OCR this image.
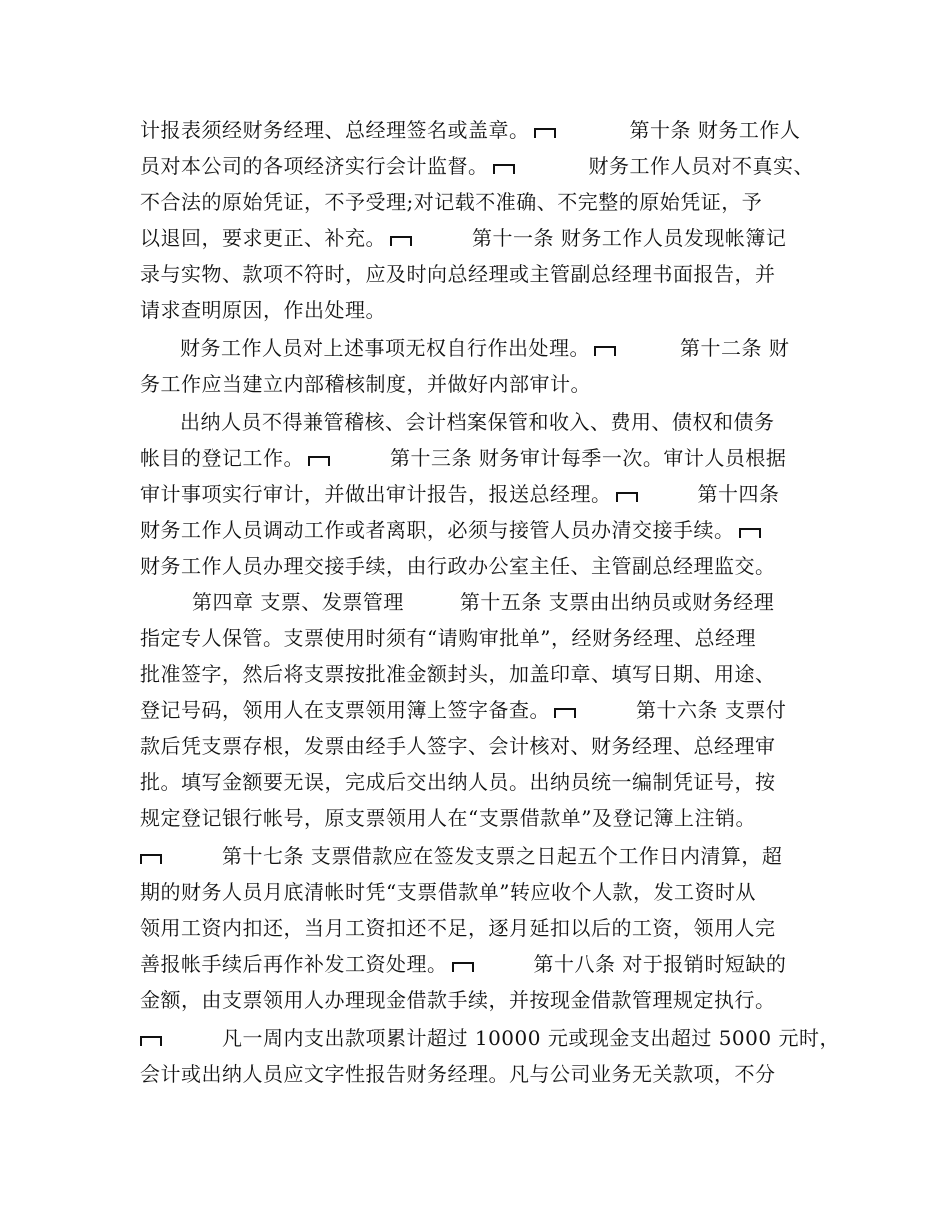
计报表须经财务经理、总经理签名或盖章。	第十条 财务工作人
员对本公司的各项经济实行会计监督。	财务工作人员对不真实、
不合法的原始凭证，不予受理;对记载不准确、不完整的原始凭证，予
以退回，要求更正、补充。	第十一条 财务工作人员发现帐簿记
录与实物、款项不符时，应及时向总经理或主管副总经理书面报告，并
请求查明原因，作出处理。
财务工作人员对上述事项无权自行作出处理。	第十二条 财
务工作应当建立内部稽核制度，并做好内部审计。
出纳人员不得兼管稽核、会计档案保管和收入、费用、债权和债务
帐目的登记工作。	第十三条 财务审计每季一次。审计人员根据
审计事项实行审计，并做出审计报告，报送总经理。	第十四条
财务工作人员调动工作或者离职，必须与接管人员办清交接手续。
财务工作人员办理交接手续，由行政办公室主任、主管副总经理监交。
第四章 支票、发票管理	第十五条 支票由出纳员或财务经理
指定专人保管。支票使用时须有“请购审批单”，经财务经理、总经理
批准签字，然后将支票按批准金额封头，加盖印章、填写日期、用途、
登记号码，领用人在支票领用簿上签字备查。	第十六条 支票付
款后凭支票存根，发票由经手人签字、会计核对、财务经理、总经理审
批。填写金额要无误，完成后交出纳人员。出纳员统一编制凭证号，按
规定登记银行帐号，原支票领用人在“支票借款单”及登记簿上注销。
第十七条 支票借款应在签发支票之日起五个工作日内清算，超
期的财务人员月底清帐时凭“支票借款单”转应收个人款，发工资时从
领用工资内扣还，当月工资扣还不足，逐月延扣以后的工资，领用人完
善报帐手续后再作补发工资处理。	第十八条 对于报销时短缺的
金额，由支票领用人办理现金借款手续，并按现金借款管理规定执行。
凡一周内支出款项累计超过 10000 元或现金支出超过 5000 元时，
会计或出纳人员应文字性报告财务经理。凡与公司业务无关款项，不分
